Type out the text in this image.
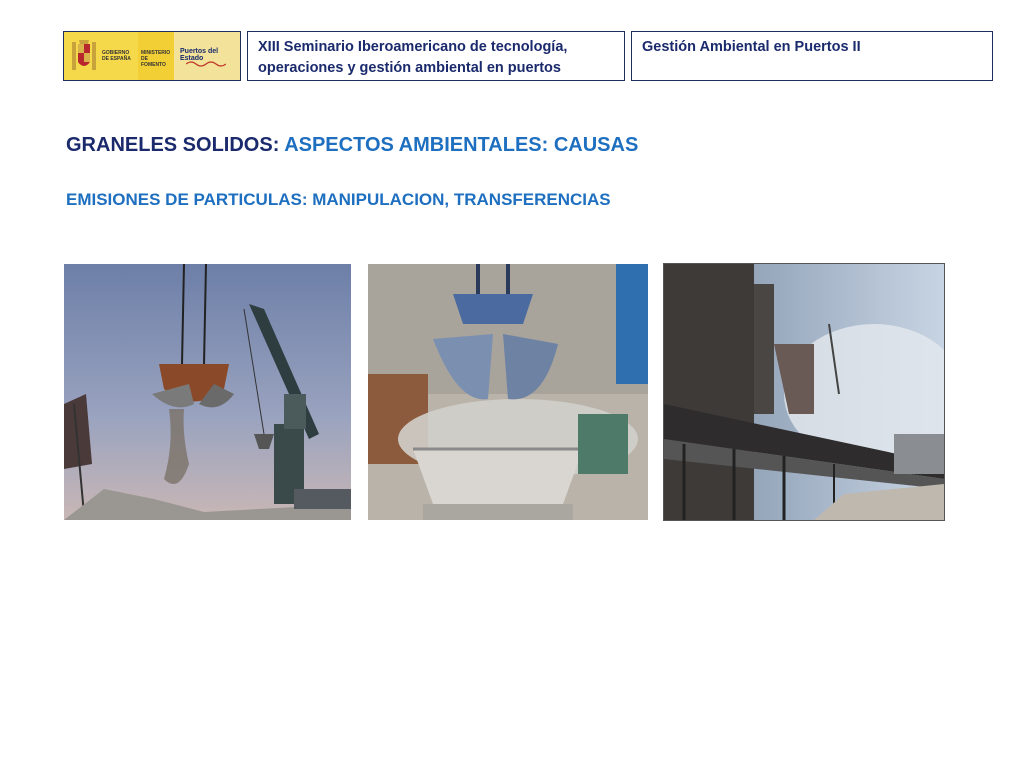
GOBIERNO DE ESPAÑA
MINISTERIO DE FOMENTO
Puertos del Estado
XIII Seminario Iberoamericano de tecnología,
operaciones y gestión ambiental en puertos
Gestión Ambiental en Puertos II
GRANELES SOLIDOS: ASPECTOS AMBIENTALES: CAUSAS
EMISIONES DE PARTICULAS: MANIPULACION, TRANSFERENCIAS
